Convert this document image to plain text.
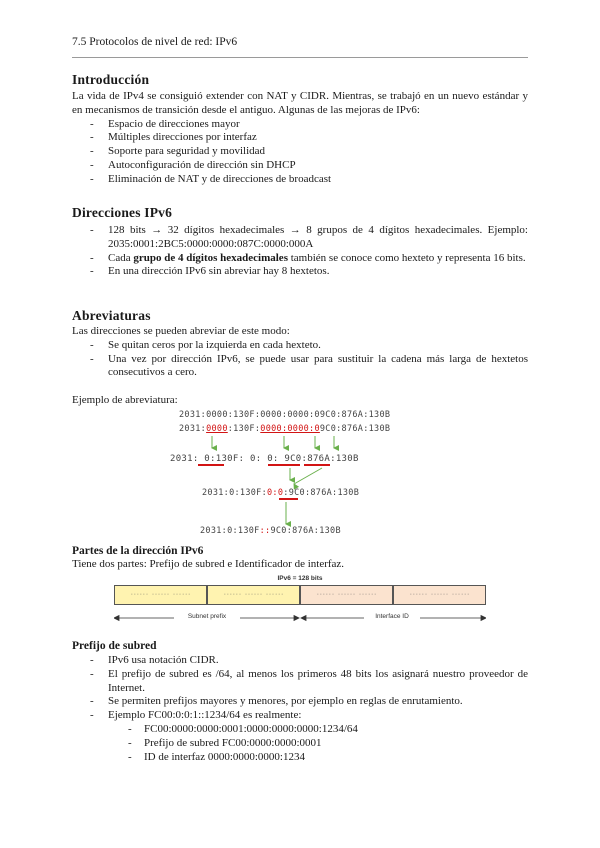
7.5 Protocolos de nivel de red: IPv6
Introducción

La vida de IPv4 se consiguió extender con NAT y CIDR. Mientras, se trabajó en un nuevo estándar y en mecanismos de transición desde el antiguo. Algunas de las mejoras de IPv6:

- Espacio de direcciones mayor
- Múltiples direcciones por interfaz
- Soporte para seguridad y movilidad
- Autoconfiguración de dirección sin DHCP
- Eliminación de NAT y de direcciones de broadcast
Direcciones IPv6
- 128 bits → 32 dígitos hexadecimales → 8 grupos de 4 dígitos hexadecimales. Ejemplo: 2035:0001:2BC5:0000:0000:087C:0000:000A
- Cada grupo de 4 dígitos hexadecimales también se conoce como hexteto y representa 16 bits.
- En una dirección IPv6 sin abreviar hay 8 hextetos.
Abreviaturas

Las direcciones se pueden abreviar de este modo:

- Se quitan ceros por la izquierda en cada hexteto.
- Una vez por dirección IPv6, se puede usar para sustituir la cadena más larga de hextetos consecutivos a cero.

Ejemplo de abreviatura:

2031:0000:130F:0000:0000:09C0:876A:130B
2031:0000:130F:0000:0000:09C0:876A:130B
2031: 0:130F: 0: 0: 9C0:876A:130B
2031:0:130F:0:0:9C0:876A:130B
2031:0:130F::9C0:876A:130B
Partes de la dirección IPv6

Tiene dos partes: Prefijo de subred e Identificador de interfaz.

IPv6 = 128 bits
······ ······ ······	······ ······ ······	······ ······ ······	······ ······ ······
Subnet prefix	Interface ID
Prefijo de subred
- IPv6 usa notación CIDR.
- El prefijo de subred es /64, al menos los primeros 48 bits los asignará nuestro proveedor de Internet.
- Se permiten prefijos mayores y menores, por ejemplo en reglas de enrutamiento.
- Ejemplo FC00:0:0:1::1234/64 es realmente:
- FC00:0000:0000:0001:0000:0000:0000:1234/64
- Prefijo de subred FC00:0000:0000:0001
- ID de interfaz 0000:0000:0000:1234
